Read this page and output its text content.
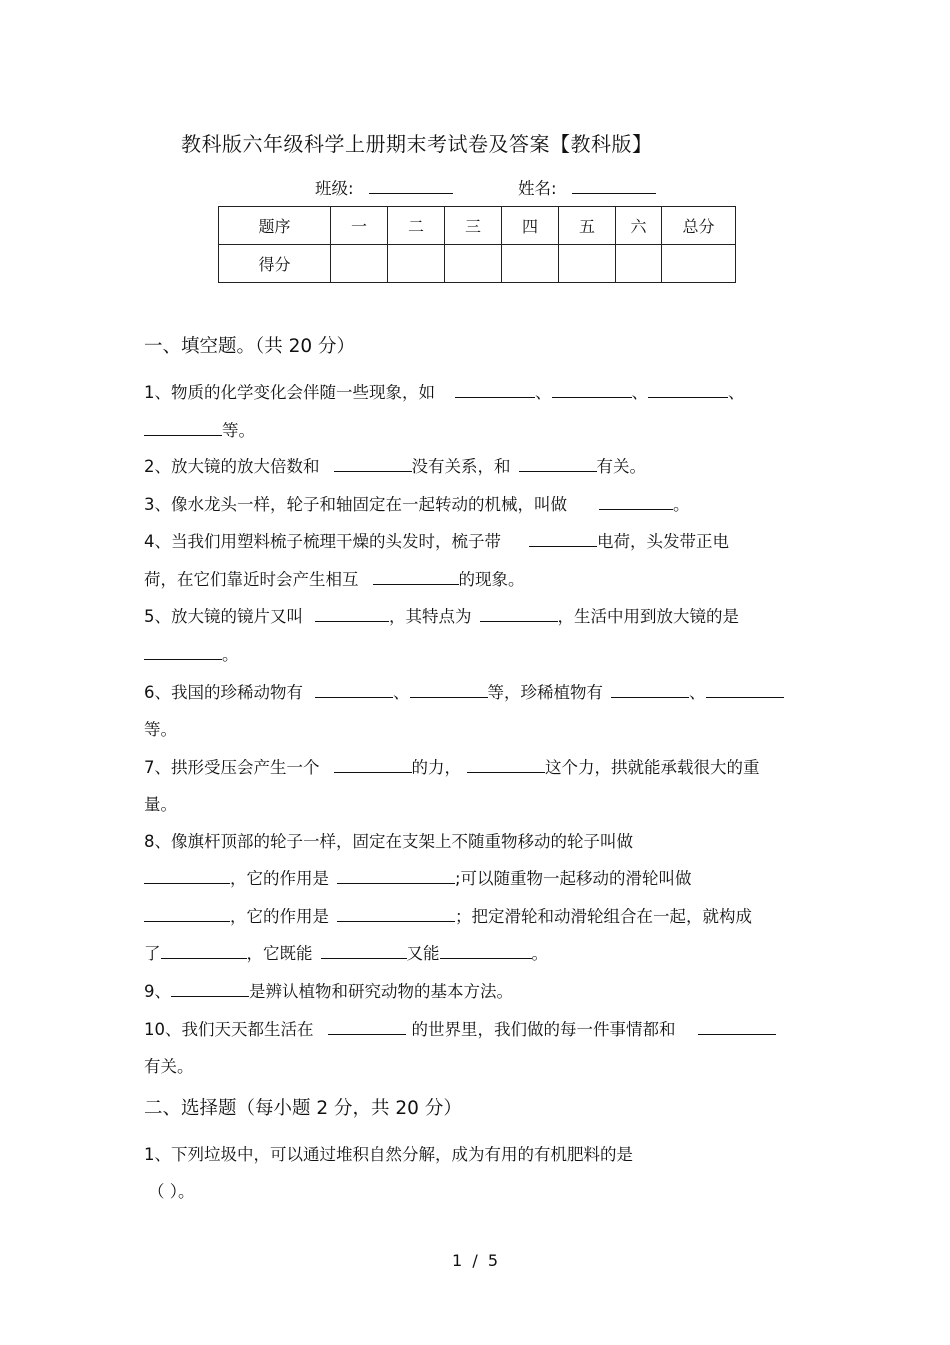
教科版六年级科学上册期末考试卷及答案【教科版】
班级:	姓名:
题序	一	二	三	四	五	六	总分
得分							
一、填空题。（共 20 分）
1、物质的化学变化会伴随一些现象，如	、	、	、
等。
2、放大镜的放大倍数和	没有关系，和	有关。
3、像水龙头一样，轮子和轴固定在一起转动的机械，叫做	。
4、当我们用塑料梳子梳理干燥的头发时，梳子带	电荷，头发带正电
荷，在它们靠近时会产生相互	的现象。
5、放大镜的镜片又叫	，其特点为	，生活中用到放大镜的是
。
6、我国的珍稀动物有	、	等，珍稀植物有	、
等。
7、拱形受压会产生一个	的力，	这个力，拱就能承载很大的重
量。
8、像旗杆顶部的轮子一样，固定在支架上不随重物移动的轮子叫做
，它的作用是	;可以随重物一起移动的滑轮叫做
，它的作用是	；把定滑轮和动滑轮组合在一起，就构成
了	，它既能	又能	。
9、	是辨认植物和研究动物的基本方法。
10、我们天天都生活在	的世界里，我们做的每一件事情都和
有关。
二、选择题（每小题 2 分，共 20 分）
1、下列垃圾中，可以通过堆积自然分解，成为有用的有机肥料的是
（ ）。
1  /  5
